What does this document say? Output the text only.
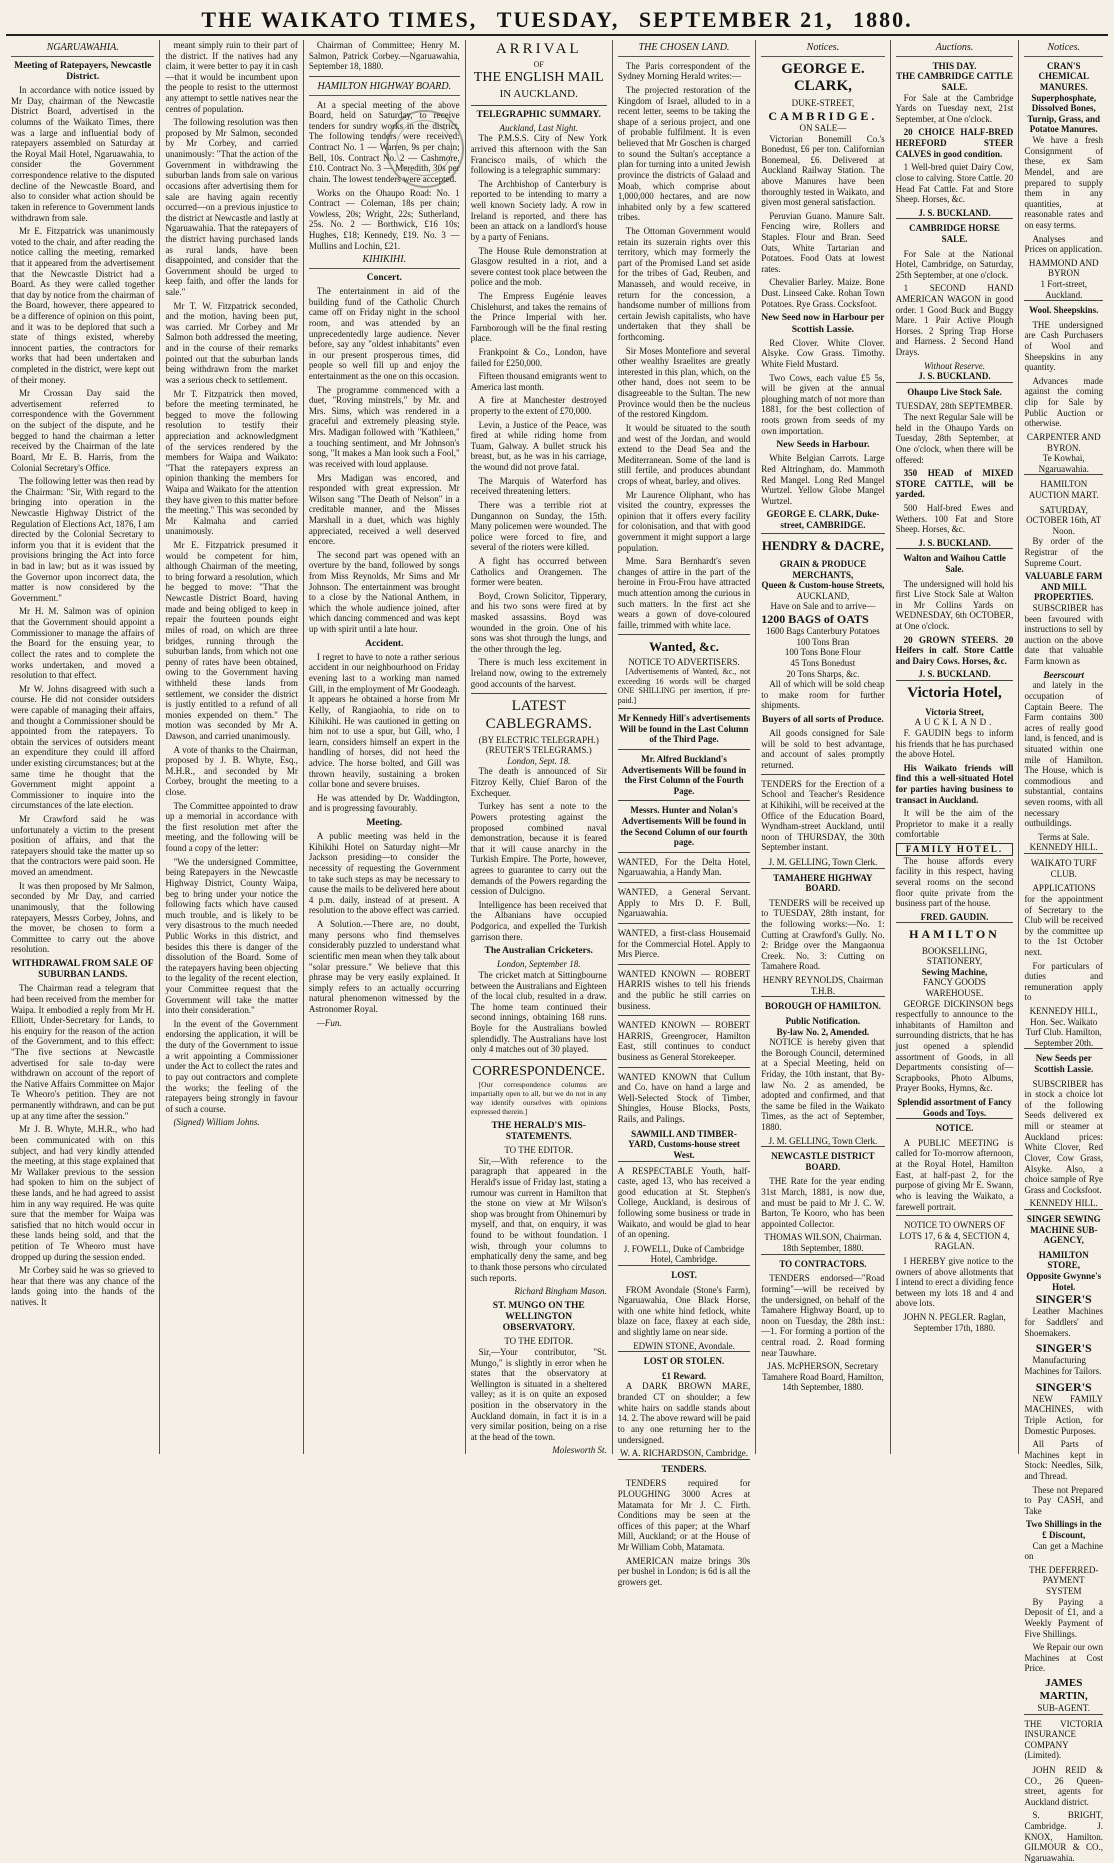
THE WAIKATO TIMES, TUESDAY, SEPTEMBER 21, 1880.
NGARUAWAHIA.
Meeting of Ratepayers, Newcastle District.

In accordance with notice issued by Mr Day, chairman of the Newcastle District Board, advertised in the columns of the Waikato Times, there was a large and influential body of ratepayers assembled on Saturday at the Royal Mail Hotel, Ngaruawahia, to consider the Government correspondence relative to the disputed decline of the Newcastle Board, and also to consider what action should be taken in reference to Government lands withdrawn from sale.

Mr E. Fitzpatrick was unanimously voted to the chair, and after reading the notice calling the meeting, remarked that it appeared from the advertisement that the Newcastle District had a Board. As they were called together that day by notice from the chairman of the Board, however, there appeared to be a difference of opinion on this point, and it was to be deplored that such a state of things existed, whereby innocent parties, the contractors for works that had been undertaken and completed in the district, were kept out of their money.

Mr Crossan Day said the advertisement referred to correspondence with the Government on the subject of the dispute, and he begged to hand the chairman a letter received by the Chairman of the late Board, Mr E. B. Harris, from the Colonial Secretary's Office.

The following letter was then read by the Chairman: "Sir, With regard to the bringing into operation in the Newcastle Highway District of the Regulation of Elections Act, 1876, I am directed by the Colonial Secretary to inform you that it is evident that the provisions bringing the Act into force in bad in law; but as it was issued by the Governor upon incorrect data, the matter is now considered by the Government."

Mr H. M. Salmon was of opinion that the Government should appoint a Commissioner to manage the affairs of the Board for the ensuing year, to collect the rates and to complete the works undertaken, and moved a resolution to that effect.

Mr W. Johns disagreed with such a course. He did not consider outsiders were capable of managing their affairs, and thought a Commissioner should be appointed from the ratepayers. To obtain the services of outsiders meant an expenditure they could ill afford under existing circumstances; but at the same time he thought that the Government might appoint a Commissioner to inquire into the circumstances of the late election.

Mr Crawford said he was unfortunately a victim to the present position of affairs, and that the ratepayers should take the matter up so that the contractors were paid soon. He moved an amendment.

It was then proposed by Mr Salmon, seconded by Mr Day, and carried unanimously, that the following ratepayers, Messrs Corbey, Johns, and the mover, be chosen to form a Committee to carry out the above resolution.

WITHDRAWAL FROM SALE OF SUBURBAN LANDS.

The Chairman read a telegram that had been received from the member for Waipa. It embodied a reply from Mr H. Elliott, Under-Secretary for Lands, to his enquiry for the reason of the action of the Government, and to this effect: "The five sections at Newcastle advertised for sale to-day were withdrawn on account of the report of the Native Affairs Committee on Major Te Wheoro's petition. They are not permanently withdrawn, and can be put up at any time after the session."

Mr J. B. Whyte, M.H.R., who had been communicated with on this subject, and had very kindly attended the meeting, at this stage explained that Mr Wallaker previous to the session had spoken to him on the subject of these lands, and he had agreed to assist him in any way required. He was quite sure that the member for Waipa was satisfied that no hitch would occur in these lands being sold, and that the petition of Te Wheoro must have dropped up during the session ended.

Mr Corbey said he was so grieved to hear that there was any chance of the lands going into the hands of the natives. It

meant simply ruin to their part of the district. If the natives had any claim, it were better to pay it in cash—that it would be incumbent upon the people to resist to the uttermost any attempt to settle natives near the centres of population.

The following resolution was then proposed by Mr Salmon, seconded by Mr Corbey, and carried unanimously: "That the action of the Government in withdrawing the suburban lands from sale on various occasions after advertising them for sale are having again recently occurred—on a previous injustice to the district at Newcastle and lastly at Ngaruawahia. That the ratepayers of the district having purchased lands as rural lands, have been disappointed, and consider that the Government should be urged to keep faith, and offer the lands for sale."

Mr T. W. Fitzpatrick seconded, and the motion, having been put, was carried. Mr Corbey and Mr Salmon both addressed the meeting, and in the course of their remarks pointed out that the suburban lands being withdrawn from the market was a serious check to settlement.

Mr T. Fitzpatrick then moved, before the meeting terminated, he begged to move the following resolution to testify their appreciation and acknowledgment of the services rendered by the members for Waipa and Waikato: "That the ratepayers express an opinion thanking the members for Waipa and Waikato for the attention they have given to this matter before the meeting." This was seconded by Mr Kalmaha and carried unanimously.

Mr E. Fitzpatrick presumed it would be competent for him, although Chairman of the meeting, to bring forward a resolution, which he begged to move: "That the Newcastle District Board, having made and being obliged to keep in repair the fourteen pounds eight miles of road, on which are three bridges, running through the suburban lands, from which not one penny of rates have been obtained, owing to the Government having withheld these lands from settlement, we consider the district is justly entitled to a refund of all monies expended on them." The motion was seconded by Mr A. Dawson, and carried unanimously.

A vote of thanks to the Chairman, proposed by J. B. Whyte, Esq., M.H.R., and seconded by Mr Corbey, brought the meeting to a close.

The Committee appointed to draw up a memorial in accordance with the first resolution met after the meeting, and the following will be found a copy of the letter:

"We the undersigned Committee, being Ratepayers in the Newcastle Highway District, County Waipa, beg to bring under your notice the following facts which have caused much trouble, and is likely to be very disastrous to the much needed Public Works in this district, and besides this there is danger of the dissolution of the Board. Some of the ratepayers having been objecting to the legality of the recent election, your Committee request that the Government will take the matter into their consideration."

In the event of the Government endorsing the application, it will be the duty of the Government to issue a writ appointing a Commissioner under the Act to collect the rates and to pay out contractors and complete the works; the feeling of the ratepayers being strongly in favour of such a course.

(Signed) William Johns.

Chairman of Committee; Henry M. Salmon, Patrick Corbey.—Ngaruawahia, September 18, 1880.

HAMILTON HIGHWAY BOARD.

At a special meeting of the above Board, held on Saturday, to receive tenders for sundry works in the district. The following tenders were received: Contract No. 1 — Warren, 9s per chain; Bell, 10s. Contract No. 2 — Cashmore, £10. Contract No. 3 — Meredith, 30s per chain. The lowest tenders were accepted.

Works on the Ohaupo Road: No. 1 Contract — Coleman, 18s per chain; Vowless, 20s; Wright, 22s; Sutherland, 25s. No. 2 — Borthwick, £16 10s; Hughes, £18; Kennedy, £19. No. 3 — Mullins and Lochin, £21.

KIHIKIHI.
Concert.

The entertainment in aid of the building fund of the Catholic Church came off on Friday night in the school room, and was attended by an unprecedentedly large audience. Never before, say any "oldest inhabitants" even in our present prosperous times, did people so well fill up and enjoy the entertainment as the one on this occasion.

The programme commenced with a duet, "Roving minstrels," by Mr. and Mrs. Sims, which was rendered in a graceful and extremely pleasing style. Mrs. Madigan followed with "Kathleen," a touching sentiment, and Mr Johnson's song, "It makes a Man look such a Fool," was received with loud applause.

Mrs Madigan was encored, and responded with great expression. Mr Wilson sang "The Death of Nelson" in a creditable manner, and the Misses Marshall in a duet, which was highly appreciated, received a well deserved encore.

The second part was opened with an overture by the band, followed by songs from Miss Reynolds, Mr Sims and Mr Johnson. The entertainment was brought to a close by the National Anthem, in which the whole audience joined, after which dancing commenced and was kept up with spirit until a late hour.

Accident.

I regret to have to note a rather serious accident in our neighbourhood on Friday evening last to a working man named Gill, in the employment of Mr Goodeagh. It appears he obtained a horse from Mr Kelly, of Rangiaohia, to ride on to Kihikihi. He was cautioned in getting on him not to use a spur, but Gill, who, I learn, considers himself an expert in the handling of horses, did not heed the advice. The horse bolted, and Gill was thrown heavily, sustaining a broken collar bone and severe bruises.

He was attended by Dr. Waddington, and is progressing favourably.

Meeting.

A public meeting was held in the Kihikihi Hotel on Saturday night—Mr Jackson presiding—to consider the necessity of requesting the Government to take such steps as may be necessary to cause the mails to be delivered here about 4 p.m. daily, instead of at present. A resolution to the above effect was carried.

A Solution.—There are, no doubt, many persons who find themselves considerably puzzled to understand what scientific men mean when they talk about "solar pressure." We believe that this phrase may be very easily explained. It simply refers to an actually occurring natural phenomenon witnessed by the Astronomer Royal.

—Fun.

ARRIVAL
OF
THE ENGLISH MAIL
IN AUCKLAND.
TELEGRAPHIC SUMMARY.
Auckland, Last Night.

The P.M.S.S. City of New York arrived this afternoon with the San Francisco mails, of which the following is a telegraphic summary:

The Archbishop of Canterbury is reported to be intending to marry a well known Society lady. A row in Ireland is reported, and there has been an attack on a landlord's house by a party of Fenians.

The House Rule demonstration at Glasgow resulted in a riot, and a severe contest took place between the police and the mob.

The Empress Eugénie leaves Chislehurst, and takes the remains of the Prince Imperial with her. Farnborough will be the final resting place.

Frankpoint & Co., London, have failed for £250,000.

Fifteen thousand emigrants went to America last month.

A fire at Manchester destroyed property to the extent of £70,000.

Levin, a Justice of the Peace, was fired at while riding home from Tuam, Galway. A bullet struck his breast, but, as he was in his carriage, the wound did not prove fatal.

The Marquis of Waterford has received threatening letters.

There was a terrible riot at Dungannon on Sunday, the 15th. Many policemen were wounded. The police were forced to fire, and several of the rioters were killed.

A fight has occurred between Catholics and Orangemen. The former were beaten.

Boyd, Crown Solicitor, Tipperary, and his two sons were fired at by masked assassins. Boyd was wounded in the groin. One of his sons was shot through the lungs, and the other through the leg.

There is much less excitement in Ireland now, owing to the extremely good accounts of the harvest.

LATEST CABLEGRAMS.
(BY ELECTRIC TELEGRAPH.)
(REUTER'S TELEGRAMS.)
London, Sept. 18.

The death is announced of Sir Fitzroy Kelly, Chief Baron of the Exchequer.

Turkey has sent a note to the Powers protesting against the proposed combined naval demonstration, because it is feared that it will cause anarchy in the Turkish Empire. The Porte, however, agrees to guarantee to carry out the demands of the Powers regarding the cession of Dulcigno.

Intelligence has been received that the Albanians have occupied Podgorica, and expelled the Turkish garrison there.

The Australian Cricketers.
London, September 18.

The cricket match at Sittingbourne between the Australians and Eighteen of the local club, resulted in a draw. The home team continued their second innings, obtaining 168 runs. Boyle for the Australians bowled splendidly. The Australians have lost only 4 matches out of 30 played.

CORRESPONDENCE.

[Our correspondence columns are impartially open to all, but we do not in any way identify ourselves with opinions expressed therein.]

THE HERALD'S MIS-STATEMENTS.
TO THE EDITOR.

Sir,—With reference to the paragraph that appeared in the Herald's issue of Friday last, stating a rumour was current in Hamilton that the stone on view at Mr Wilson's shop was brought from Ohinemuri by myself, and that, on enquiry, it was found to be without foundation. I wish, through your columns to emphatically deny the same, and beg to thank those persons who circulated such reports.

Richard Bingham Mason.

ST. MUNGO ON THE WELLINGTON OBSERVATORY.
TO THE EDITOR.

Sir,—Your contributor, "St. Mungo," is slightly in error when he states that the observatory at Wellington is situated in a sheltered valley; as it is on quite an exposed position in the observatory in the Auckland domain, in fact it is in a very similar position, being on a rise at the head of the town.

Molesworth St.

THE CHOSEN LAND.

The Paris correspondent of the Sydney Morning Herald writes:—

The projected restoration of the Kingdom of Israel, alluded to in a recent letter, seems to be taking the shape of a serious project, and one of probable fulfilment. It is even believed that Mr Goschen is charged to sound the Sultan's acceptance a plan for turning into a united Jewish province the districts of Galaad and Moab, which comprise about 1,000,000 hectares, and are now inhabited only by a few scattered tribes.

The Ottoman Government would retain its suzerain rights over this territory, which may formerly the part of the Promised Land set aside for the tribes of Gad, Reuben, and Manasseh, and would receive, in return for the concession, a handsome number of millions from certain Jewish capitalists, who have undertaken that they shall be forthcoming.

Sir Moses Montefiore and several other wealthy Israelites are greatly interested in this plan, which, on the other hand, does not seem to be disagreeable to the Sultan. The new Province would then be the nucleus of the restored Kingdom.

It would be situated to the south and west of the Jordan, and would extend to the Dead Sea and the Mediterranean. Some of the land is still fertile, and produces abundant crops of wheat, barley, and olives.

Mr Laurence Oliphant, who has visited the country, expresses the opinion that it offers every facility for colonisation, and that with good government it might support a large population.

Mme. Sara Bernhardt's seven changes of attire in the part of the heroine in Frou-Frou have attracted much attention among the curious in such matters. In the first act she wears a gown of dove-coloured faille, trimmed with white lace.

Wanted, &c.
NOTICE TO ADVERTISERS.

[Advertisements of Wanted, &c., not exceeding 16 words will be charged ONE SHILLING per insertion, if pre-paid.]

Mr Kennedy Hill's advertisements Will be found in the Last Column of the Third Page.
Mr. Alfred Buckland's Advertisements Will be found in the First Column of the Fourth Page.
Messrs. Hunter and Nolan's Advertisements Will be found in the Second Column of our fourth page.
WANTED, For the Delta Hotel, Ngaruawahia, a Handy Man.
WANTED, a General Servant. Apply to Mrs D. F. Bull, Ngaruawahia.
WANTED, a first-class Housemaid for the Commercial Hotel. Apply to Mrs Pierce.
WANTED KNOWN — ROBERT HARRIS wishes to tell his friends and the public he still carries on business.
WANTED KNOWN — ROBERT HARRIS, Greengrocer, Hamilton East, still continues to conduct business as General Storekeeper.
WANTED KNOWN that Cullum and Co. have on hand a large and Well-Selected Stock of Timber, Shingles, House Blocks, Posts, Rails, and Palings.
SAWMILL AND TIMBER-YARD, Customs-house street West.
A RESPECTABLE Youth, half-caste, aged 13, who has received a good education at St. Stephen's College, Auckland, is desirous of following some business or trade in Waikato, and would be glad to hear of an opening.
J. FOWELL, Duke of Cambridge Hotel, Cambridge.
LOST.

FROM Avondale (Stone's Farm), Ngaruawahia, One Black Horse, with one white hind fetlock, white blaze on face, flaxey at each side, and slightly lame on near side.

EDWIN STONE, Avondale.
LOST OR STOLEN.
£1 Reward.

A DARK BROWN MARE, branded CT on shoulder; a few white hairs on saddle stands about 14. 2. The above reward will be paid to any one returning her to the undersigned.

W. A. RICHARDSON, Cambridge.
TENDERS.

TENDERS required for PLOUGHING 3000 Acres at Matamata for Mr J. C. Firth. Conditions may be seen at the offices of this paper; at the Wharf Mill, Auckland; or at the House of Mr William Cobb, Matamata.

AMERICAN maize brings 30s per bushel in London; is 6d is all the growers get.

Notices.
GEORGE E. CLARK,
DUKE-STREET,
CAMBRIDGE.
ON SALE—

Victorian Bonemill Co.'s Bonedust, £6 per ton. Californian Bonemeal, £6. Delivered at Auckland Railway Station. The above Manures have been thoroughly tested in Waikato, and given most general satisfaction.

Peruvian Guano. Manure Salt. Fencing wire, Rollers and Staples. Flour and Bran. Seed Oats, White Tartarian and Potatoes. Food Oats at lowest rates.

Chevalier Barley. Maize. Bone Dust. Linseed Cake. Rohan Town Potatoes. Rye Grass. Cocksfoot.

New Seed now in Harbour per Scottish Lassie.

Red Clover. White Clover. Alsyke. Cow Grass. Timothy. White Field Mustard.

Two Cows, each value £5 5s, will be given at the annual ploughing match of not more than 1881, for the best collection of roots grown from seeds of my own importation.

New Seeds in Harbour.

White Belgian Carrots. Large Red Altringham, do. Mammoth Red Mangel. Long Red Mangel Wurtzel. Yellow Globe Mangel Wurtzel.

GEORGE E. CLARK, Duke-street, CAMBRIDGE.
HENDRY & DACRE,
GRAIN & PRODUCE MERCHANTS,
Queen & Custom-house Streets,
AUCKLAND,
Have on Sale and to arrive—
1200 BAGS of OATS
1600 Bags Canterbury Potatoes
100 Tons Bran
100 Tons Bone Flour
45 Tons Bonedust
20 Tons Sharps, &c.

All of which will be sold cheap to make room for further shipments.

Buyers of all sorts of Produce.

All goods consigned for Sale will be sold to best advantage, and account of sales promptly returned.

TENDERS for the Erection of a School and Teacher's Residence at Kihikihi, will be received at the Office of the Education Board, Wyndham-street Auckland, until noon of THURSDAY, the 30th September instant.
J. M. GELLING, Town Clerk.
TAMAHERE HIGHWAY BOARD.

TENDERS will be received up to TUESDAY, 28th instant, for the following works:—No. 1: Cutting at Crawford's Gully. No. 2: Bridge over the Mangaonua Creek. No. 3: Cutting on Tamahere Road.

HENRY REYNOLDS, Chairman T.H.B.
BOROUGH OF HAMILTON.
Public Notification.
By-law No. 2, Amended.

NOTICE is hereby given that the Borough Council, determined at a Special Meeting, held on Friday, the 10th instant, that By-law No. 2 as amended, be adopted and confirmed, and that the same be filed in the Waikato Times, as the act of September, 1880.

J. M. GELLING, Town Clerk.
NEWCASTLE DISTRICT BOARD.

THE Rate for the year ending 31st March, 1881, is now due, and must be paid to Mr J. C. W. Barton, Te Kooro, who has been appointed Collector.

THOMAS WILSON, Chairman.
18th September, 1880.
TO CONTRACTORS.

TENDERS endorsed—"Road forming"—will be received by the undersigned, on behalf of the Tamahere Highway Board, up to noon on Tuesday, the 28th inst.:—1. For forming a portion of the central road. 2. Road forming near Tauwhare.

JAS. McPHERSON, Secretary Tamahere Road Board, Hamilton, 14th September, 1880.
Auctions.
THIS DAY.
THE CAMBRIDGE CATTLE SALE.

For Sale at the Cambridge Yards on Tuesday next, 21st September, at One o'clock.

20 CHOICE HALF-BRED HEREFORD STEER CALVES in good condition.

1 Well-bred quiet Dairy Cow, close to calving. Store Cattle. 20 Head Fat Cattle. Fat and Store Sheep. Horses, &c.

J. S. BUCKLAND.
CAMBRIDGE HORSE SALE.

For Sale at the National Hotel, Cambridge, on Saturday, 25th September, at one o'clock.

1 SECOND HAND AMERICAN WAGON in good order. 1 Good Buck and Buggy Mare. 1 Pair Active Plough Horses. 2 Spring Trap Horse and Harness. 2 Second Hand Drays.

Without Reserve.
J. S. BUCKLAND.
Ohaupo Live Stock Sale.
TUESDAY, 28th SEPTEMBER.

The next Regular Sale will be held in the Ohaupo Yards on Tuesday, 28th September, at One o'clock, when there will be offered:

350 HEAD of MIXED STORE CATTLE, will be yarded.

500 Half-bred Ewes and Wethers. 100 Fat and Store Sheep. Horses, &c.

J. S. BUCKLAND.
Walton and Waihou Cattle Sale.

The undersigned will hold his first Live Stock Sale at Walton in Mr Collins Yards on WEDNESDAY, 6th OCTOBER, at One o'clock.

20 GROWN STEERS. 20 Heifers in calf. Store Cattle and Dairy Cows. Horses, &c.

J. S. BUCKLAND.
Victoria Hotel,
Victoria Street,
AUCKLAND.

F. GAUDIN begs to inform his friends that he has purchased the above Hotel.

His Waikato friends will find this a well-situated Hotel for parties having business to transact in Auckland.

It will be the aim of the Proprietor to make it a really comfortable

FAMILY HOTEL.

The house affords every facility in this respect, having several rooms on the second floor quite private from the business part of the house.

FRED. GAUDIN.
HAMILTON
BOOKSELLING, STATIONERY,
Sewing Machine,
FANCY GOODS WAREHOUSE.

GEORGE DICKINSON begs respectfully to announce to the inhabitants of Hamilton and surrounding districts, that he has just opened a splendid assortment of Goods, in all Departments consisting of—Scrapbooks, Photo Albums, Prayer Books, Hymns, &c.

Splendid assortment of Fancy Goods and Toys.
NOTICE.

A PUBLIC MEETING is called for To-morrow afternoon, at the Royal Hotel, Hamilton East, at half-past 2, for the purpose of giving Mr E. Swann, who is leaving the Waikato, a farewell portrait.

NOTICE TO OWNERS OF LOTS 17, 6 & 4, SECTION 4, RAGLAN.

I HEREBY give notice to the owners of above allotments that I intend to erect a dividing fence between my lots 18 and 4 and above lots.

JOHN N. PEGLER. Raglan, September 17th, 1880.
Notices.
CRAN'S CHEMICAL MANURES.
Superphosphate, Dissolved Bones, Turnip, Grass, and Potatoe Manures.

We have a fresh Consignment of these, ex Sam Mendel, and are prepared to supply them in any quantities, at reasonable rates and on easy terms.

Analyses and Prices on application.

HAMMOND AND BYRON
1 Fort-street, Auckland.
Wool. Sheepskins.

THE undersigned are Cash Purchasers of Wool and Sheepskins in any quantity.

Advances made against the coming clip for Sale by Public Auction or otherwise.

CARPENTER AND BYRON.
Te Kowhai, Ngaruawahia.
HAMILTON AUCTION MART.
SATURDAY, OCTOBER 16th, AT Noon.

By order of the Registrar of the Supreme Court.

VALUABLE FARM AND MILL PROPERTIES.

SUBSCRIBER has been favoured with instructions to sell by auction on the above date that valuable Farm known as

Beerscourt

and lately in the occupation of Captain Beere. The Farm contains 300 acres of really good land, is fenced, and is situated within one mile of Hamilton. The House, which is commodious and substantial, contains seven rooms, with all necessary outbuildings.

Terms at Sale.
KENNEDY HILL.
WAIKATO TURF CLUB.

APPLICATIONS for the appointment of Secretary to the Club will be received by the committee up to the 1st October next.

For particulars of duties and remuneration apply to

KENNEDY HILL, Hon. Sec. Waikato Turf Club. Hamilton, September 20th.
New Seeds per Scottish Lassie.

SUBSCRIBER has in stock a choice lot of the following Seeds delivered ex mill or steamer at Auckland prices: White Clover, Red Clover, Cow Grass, Alsyke. Also, a choice sample of Rye Grass and Cocksfoot.

KENNEDY HILL.
SINGER SEWING MACHINE SUB-AGENCY,
HAMILTON STORE,
Opposite Gwynne's Hotel.
SINGER'S

Leather Machines for Saddlers' and Shoemakers.

SINGER'S

Manufacturing Machines for Tailors.

SINGER'S

NEW FAMILY MACHINES, with Triple Action, for Domestic Purposes.

All Parts of Machines kept in Stock: Needles, Silk, and Thread.

These not Prepared to Pay CASH, and Take

Two Shillings in the £ Discount,

Can get a Machine on

THE DEFERRED-PAYMENT SYSTEM

By Paying a Deposit of £1, and a Weekly Payment of Five Shillings.

We Repair our own Machines at Cost Price.

JAMES MARTIN,
SUB-AGENT.
THE VICTORIA INSURANCE COMPANY (Limited).

JOHN REID & CO., 26 Queen-street, agents for Auckland district.

S. BRIGHT, Cambridge. J. KNOX, Hamilton. GILMOUR & CO., Ngaruawahia.
